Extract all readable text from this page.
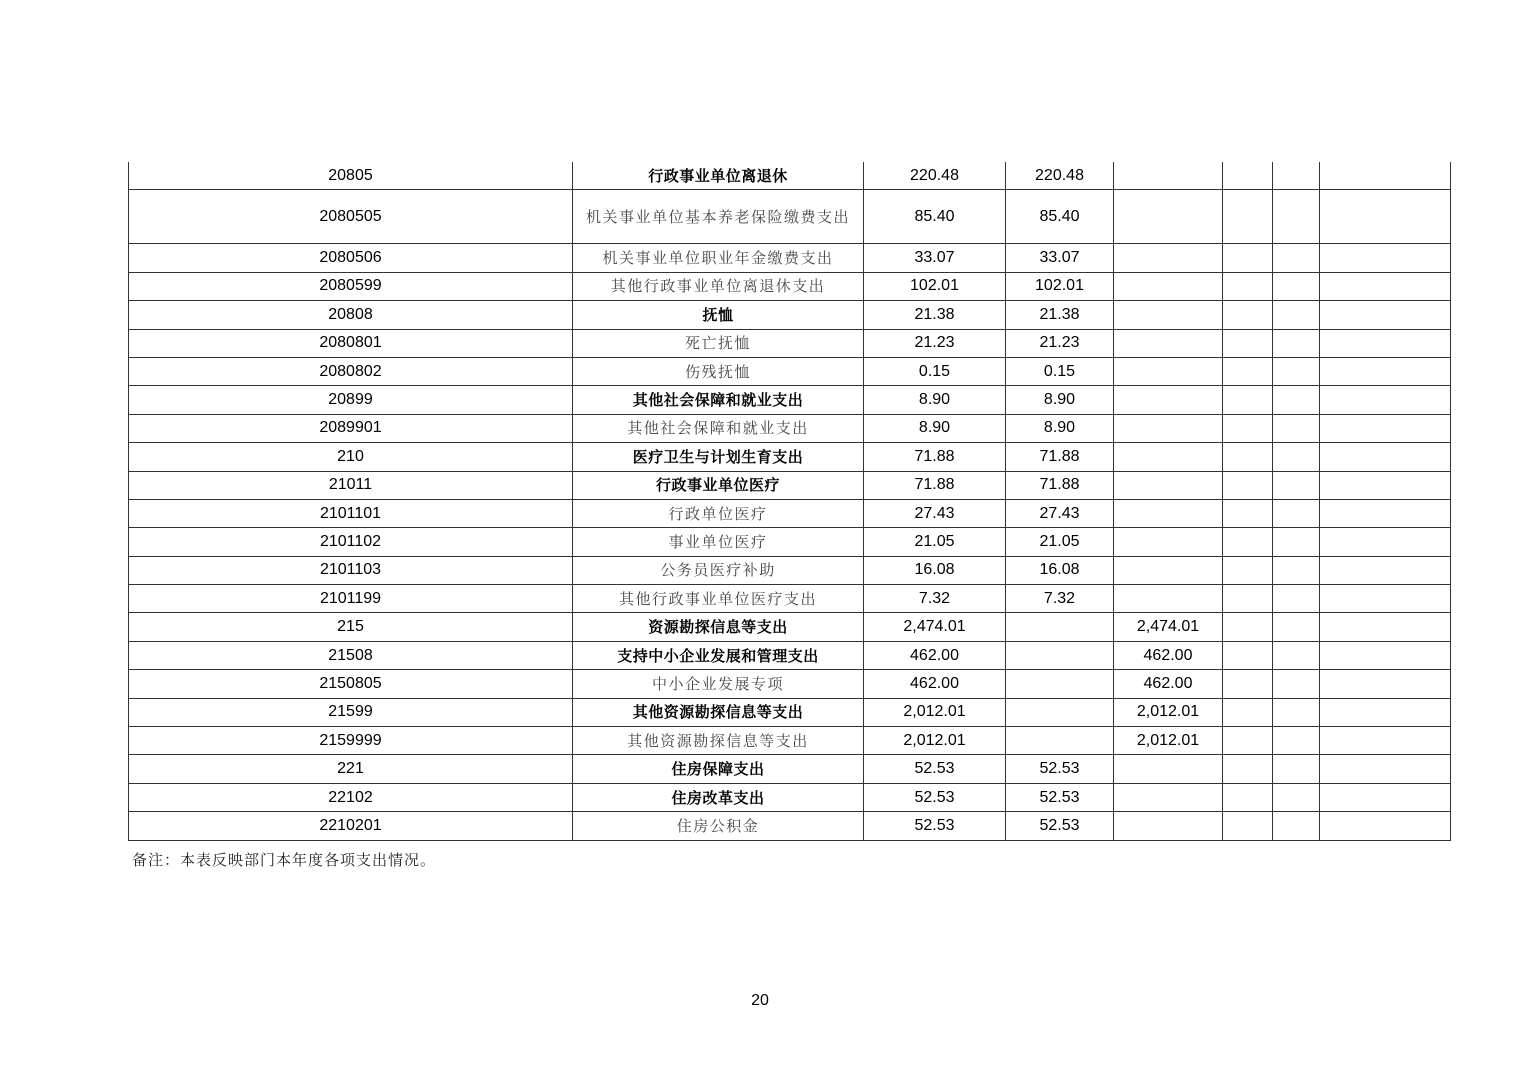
20805	行政事业单位离退休	220.48	220.48				
2080505	机关事业单位基本养老保险缴费支出	85.40	85.40				
2080506	机关事业单位职业年金缴费支出	33.07	33.07				
2080599	其他行政事业单位离退休支出	102.01	102.01				
20808	抚恤	21.38	21.38				
2080801	死亡抚恤	21.23	21.23				
2080802	伤残抚恤	0.15	0.15				
20899	其他社会保障和就业支出	8.90	8.90				
2089901	其他社会保障和就业支出	8.90	8.90				
210	医疗卫生与计划生育支出	71.88	71.88				
21011	行政事业单位医疗	71.88	71.88				
2101101	行政单位医疗	27.43	27.43				
2101102	事业单位医疗	21.05	21.05				
2101103	公务员医疗补助	16.08	16.08				
2101199	其他行政事业单位医疗支出	7.32	7.32				
215	资源勘探信息等支出	2,474.01		2,474.01			
21508	支持中小企业发展和管理支出	462.00		462.00			
2150805	中小企业发展专项	462.00		462.00			
21599	其他资源勘探信息等支出	2,012.01		2,012.01			
2159999	其他资源勘探信息等支出	2,012.01		2,012.01			
221	住房保障支出	52.53	52.53				
22102	住房改革支出	52.53	52.53				
2210201	住房公积金	52.53	52.53				
备注：本表反映部门本年度各项支出情况。
20
